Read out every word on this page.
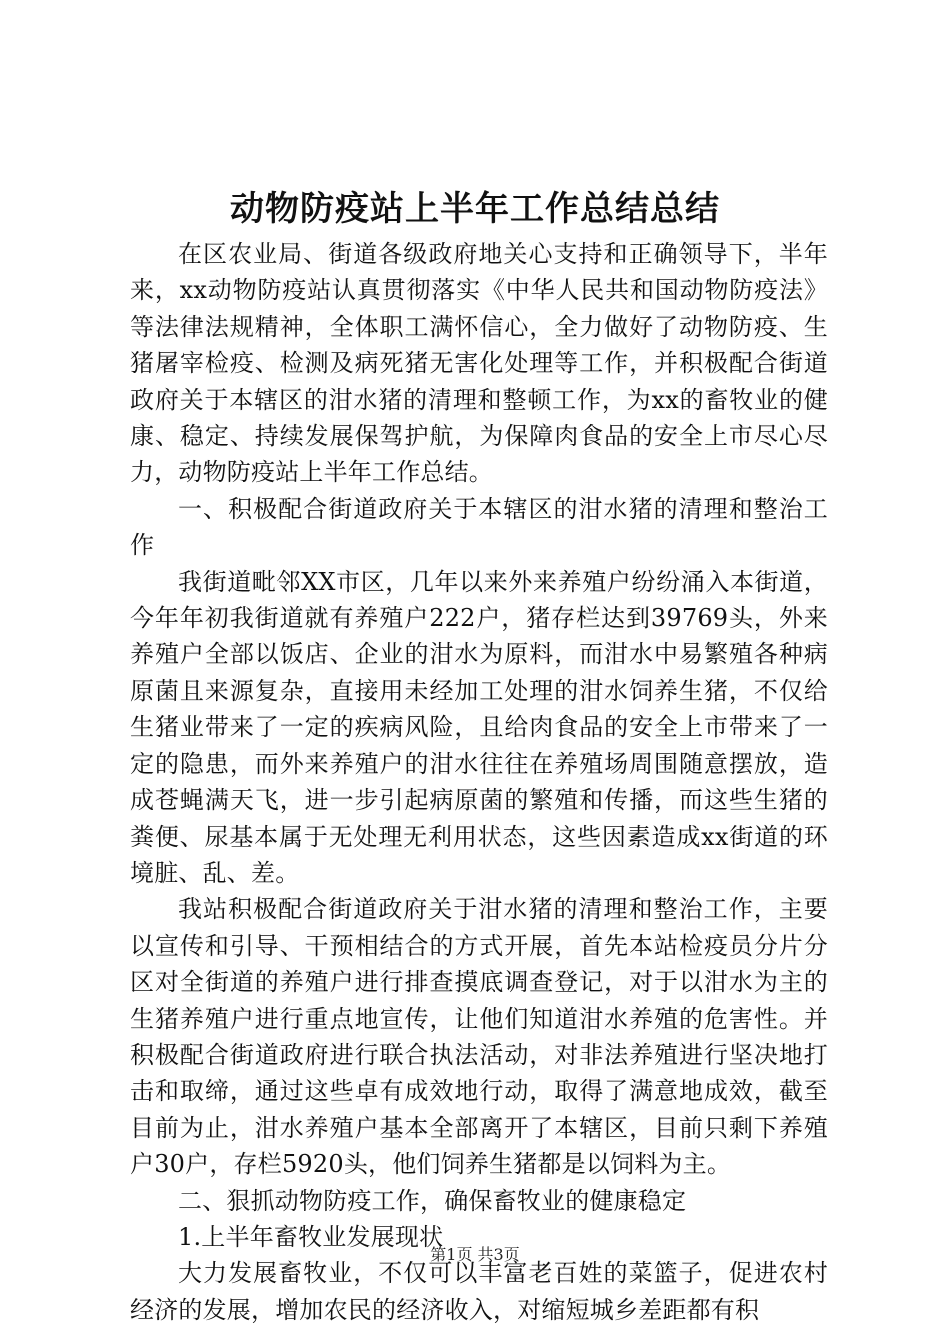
动物防疫站上半年工作总结总结

在区农业局、街道各级政府地关心支持和正确领导下，半年来，xx动物防疫站认真贯彻落实《中华人民共和国动物防疫法》等法律法规精神，全体职工满怀信心，全力做好了动物防疫、生猪屠宰检疫、检测及病死猪无害化处理等工作，并积极配合街道政府关于本辖区的泔水猪的清理和整顿工作，为xx的畜牧业的健康、稳定、持续发展保驾护航，为保障肉食品的安全上市尽心尽力，动物防疫站上半年工作总结。

一、积极配合街道政府关于本辖区的泔水猪的清理和整治工作

我街道毗邻XX市区，几年以来外来养殖户纷纷涌入本街道，今年年初我街道就有养殖户222户，猪存栏达到39769头，外来养殖户全部以饭店、企业的泔水为原料，而泔水中易繁殖各种病原菌且来源复杂，直接用未经加工处理的泔水饲养生猪，不仅给生猪业带来了一定的疾病风险，且给肉食品的安全上市带来了一定的隐患，而外来养殖户的泔水往往在养殖场周围随意摆放，造成苍蝇满天飞，进一步引起病原菌的繁殖和传播，而这些生猪的粪便、尿基本属于无处理无利用状态，这些因素造成xx街道的环境脏、乱、差。

我站积极配合街道政府关于泔水猪的清理和整治工作，主要以宣传和引导、干预相结合的方式开展，首先本站检疫员分片分区对全街道的养殖户进行排查摸底调查登记，对于以泔水为主的生猪养殖户进行重点地宣传，让他们知道泔水养殖的危害性。并积极配合街道政府进行联合执法活动，对非法养殖进行坚决地打击和取缔，通过这些卓有成效地行动，取得了满意地成效，截至目前为止，泔水养殖户基本全部离开了本辖区，目前只剩下养殖户30户，存栏5920头，他们饲养生猪都是以饲料为主。

二、狠抓动物防疫工作，确保畜牧业的健康稳定

1.上半年畜牧业发展现状

大力发展畜牧业，不仅可以丰富老百姓的菜篮子，促进农村经济的发展，增加农民的经济收入，对缩短城乡差距都有积

第1页 共3页
